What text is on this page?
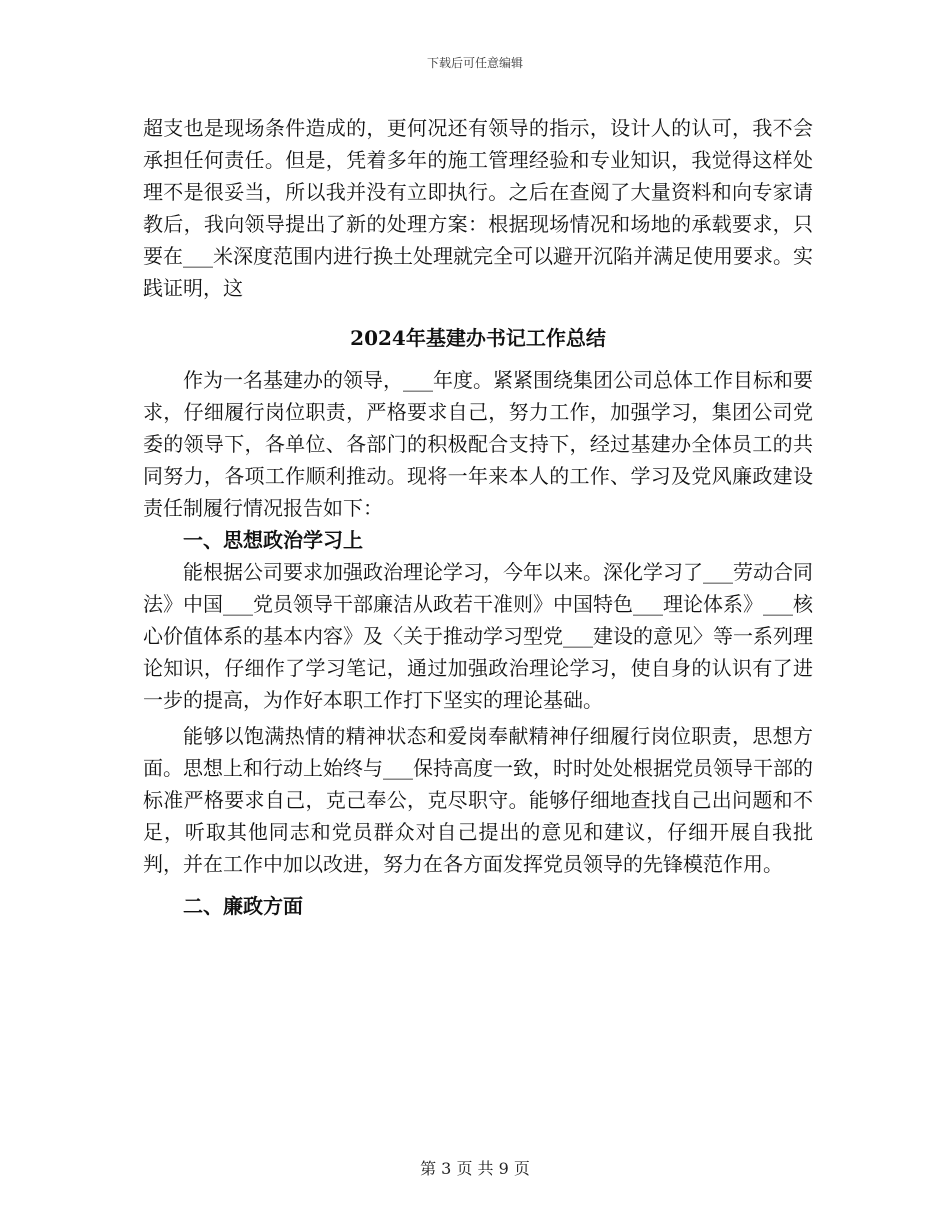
下载后可任意编辑

超支也是现场条件造成的，更何况还有领导的指示，设计人的认可，我不会承担任何责任。但是，凭着多年的施工管理经验和专业知识，我觉得这样处理不是很妥当，所以我并没有立即执行。之后在查阅了大量资料和向专家请教后，我向领导提出了新的处理方案：根据现场情况和场地的承载要求，只要在___米深度范围内进行换土处理就完全可以避开沉陷并满足使用要求。实践证明，这

2024年基建办书记工作总结

作为一名基建办的领导，___年度。紧紧围绕集团公司总体工作目标和要求，仔细履行岗位职责，严格要求自己，努力工作，加强学习，集团公司党委的领导下，各单位、各部门的积极配合支持下，经过基建办全体员工的共同努力，各项工作顺利推动。现将一年来本人的工作、学习及党风廉政建设责任制履行情况报告如下：

一、思想政治学习上

能根据公司要求加强政治理论学习，今年以来。深化学习了___劳动合同法》中国___党员领导干部廉洁从政若干准则》中国特色___理论体系》___核心价值体系的基本内容》及〈关于推动学习型党___建设的意见〉等一系列理论知识，仔细作了学习笔记，通过加强政治理论学习，使自身的认识有了进一步的提高，为作好本职工作打下坚实的理论基础。

能够以饱满热情的精神状态和爱岗奉献精神仔细履行岗位职责，思想方面。思想上和行动上始终与___保持高度一致，时时处处根据党员领导干部的标准严格要求自己，克己奉公，克尽职守。能够仔细地查找自己出问题和不足，听取其他同志和党员群众对自己提出的意见和建议，仔细开展自我批判，并在工作中加以改进，努力在各方面发挥党员领导的先锋模范作用。

二、廉政方面

第 3 页 共 9 页
